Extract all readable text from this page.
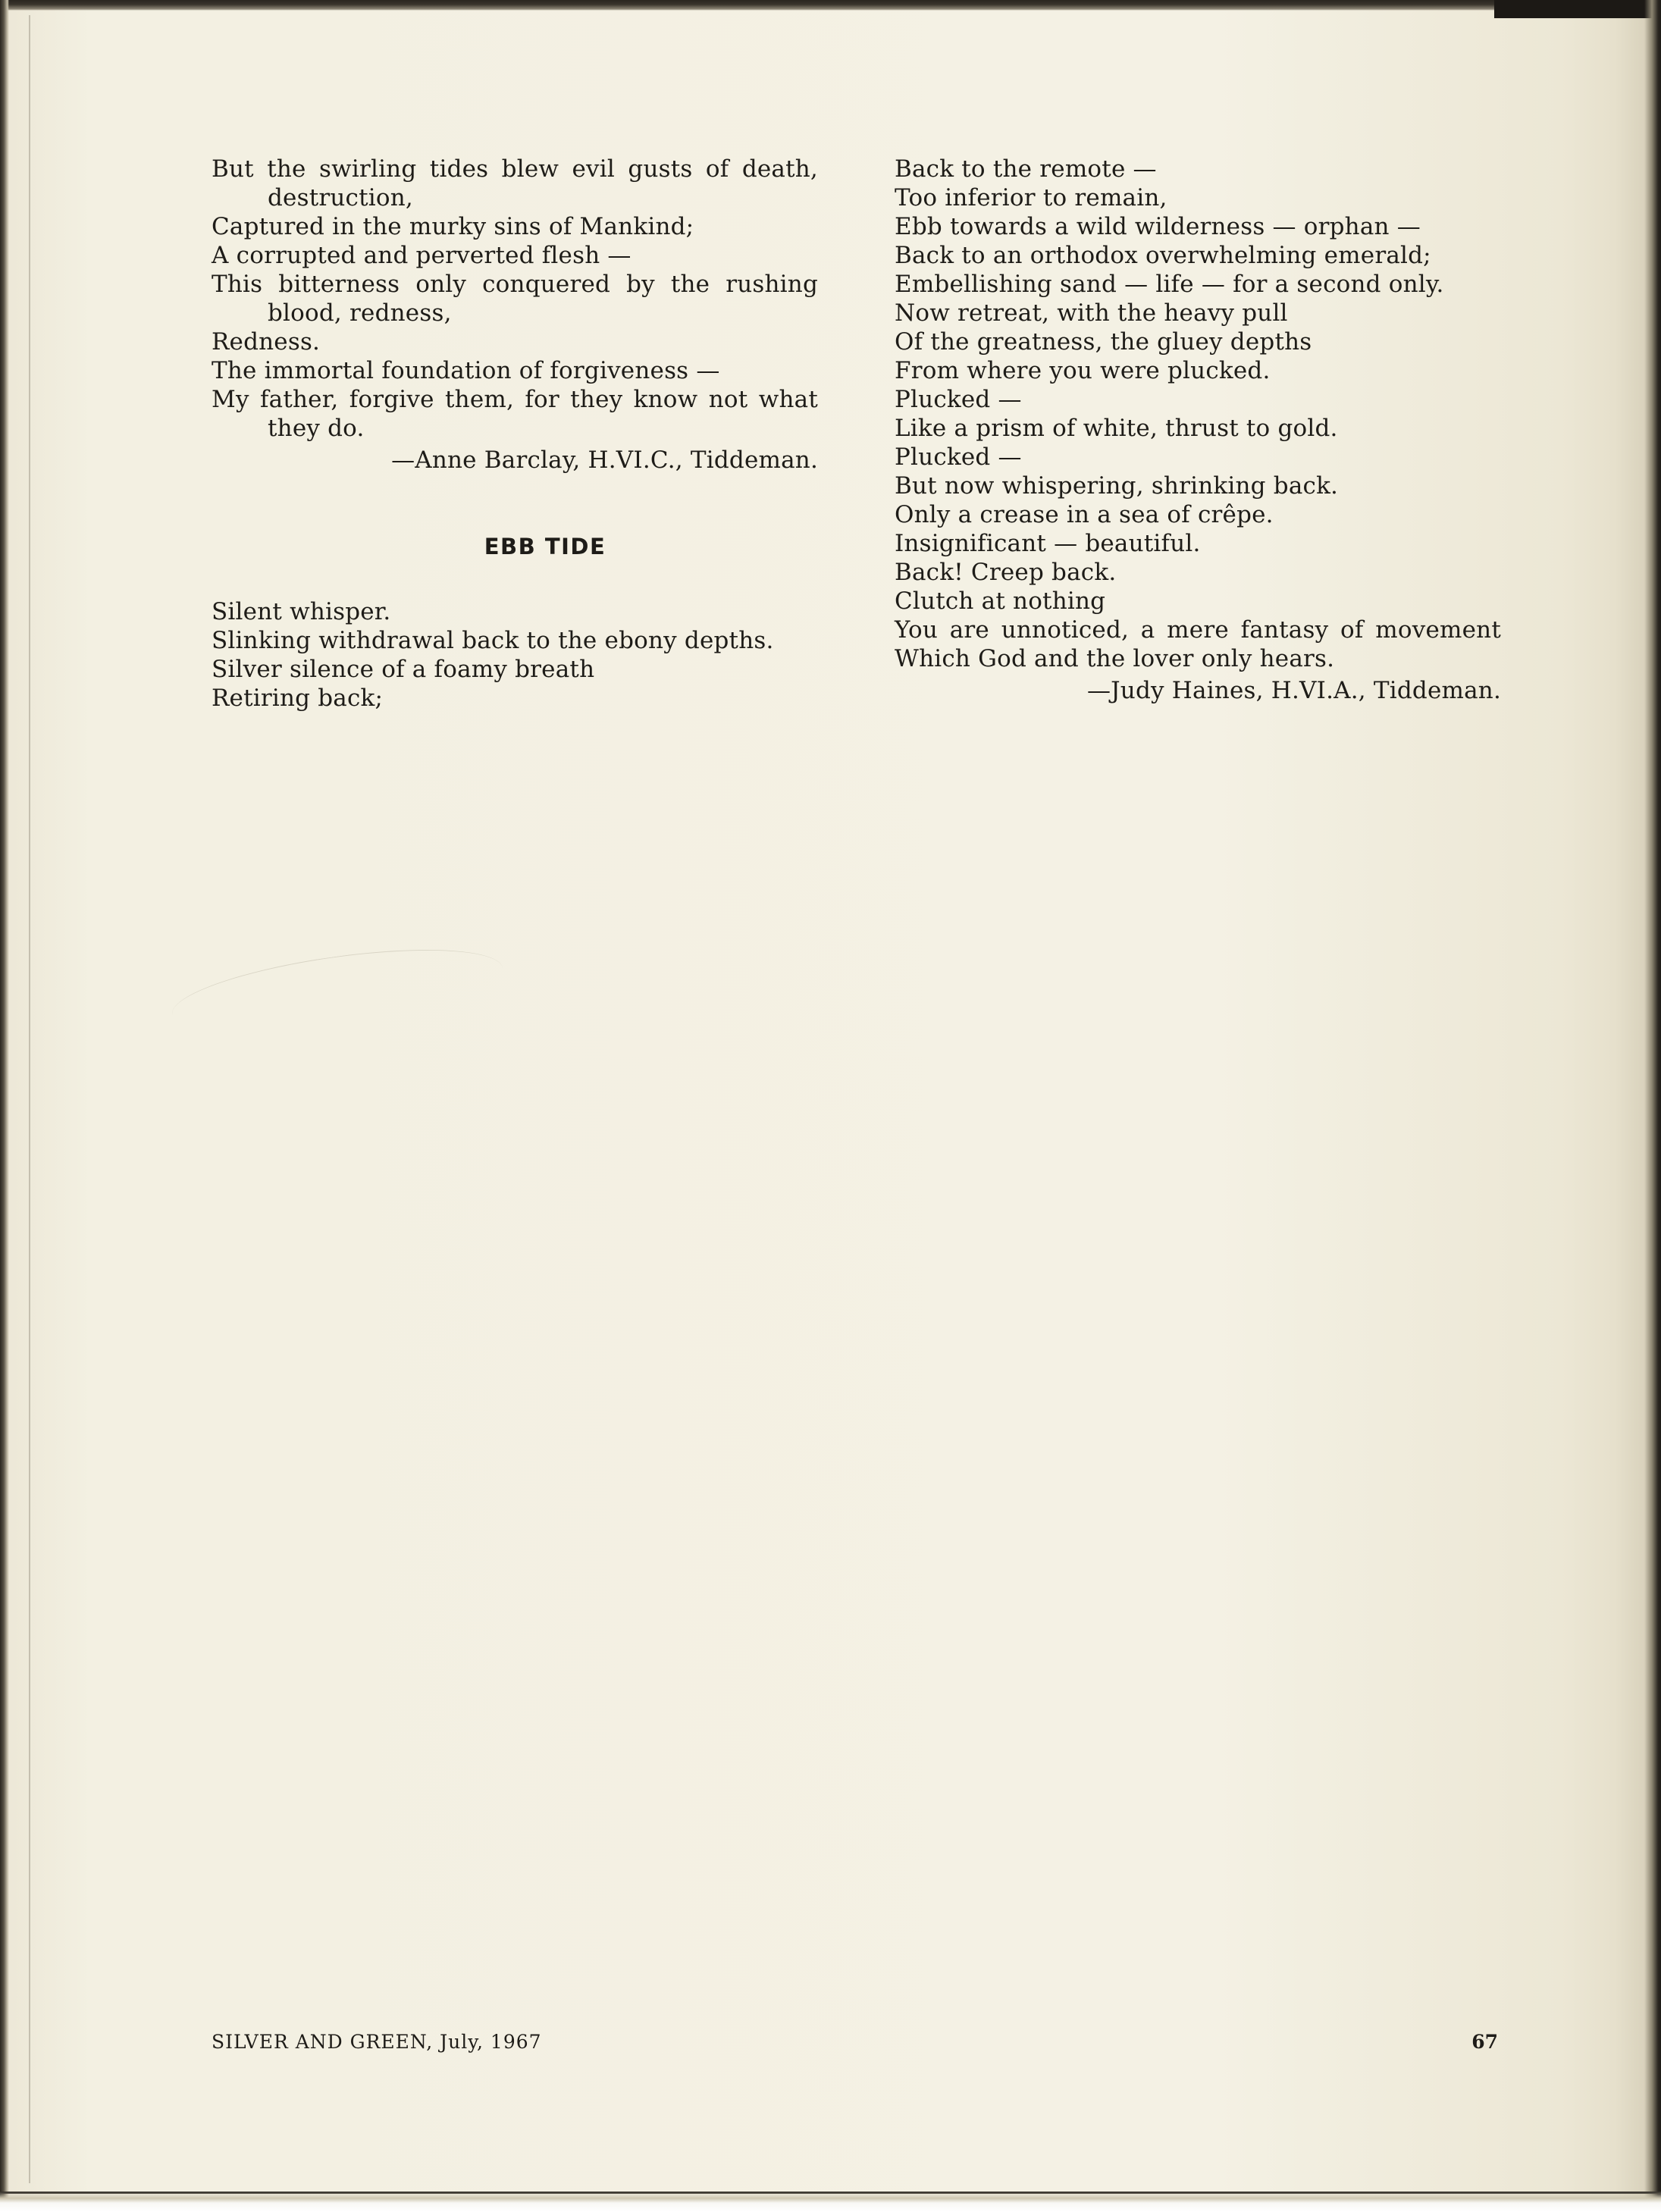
But the swirling tides blew evil gusts of death,
destruction,
Captured in the murky sins of Mankind;
A corrupted and perverted flesh —
This bitterness only conquered by the rushing
blood, redness,
Redness.
The immortal foundation of forgiveness —
My father, forgive them, for they know not what
they do.
—Anne Barclay, H.VI.C., Tiddeman.
EBB TIDE
Silent whisper.
Slinking withdrawal back to the ebony depths.
Silver silence of a foamy breath
Retiring back;
Back to the remote —
Too inferior to remain,
Ebb towards a wild wilderness — orphan —
Back to an orthodox overwhelming emerald;
Embellishing sand — life — for a second only.
Now retreat, with the heavy pull
Of the greatness, the gluey depths
From where you were plucked.
Plucked —
Like a prism of white, thrust to gold.
Plucked —
But now whispering, shrinking back.
Only a crease in a sea of crêpe.
Insignificant — beautiful.
Back! Creep back.
Clutch at nothing
You are unnoticed, a mere fantasy of movement
Which God and the lover only hears.
—Judy Haines, H.VI.A., Tiddeman.
SILVER AND GREEN, July, 1967	67
